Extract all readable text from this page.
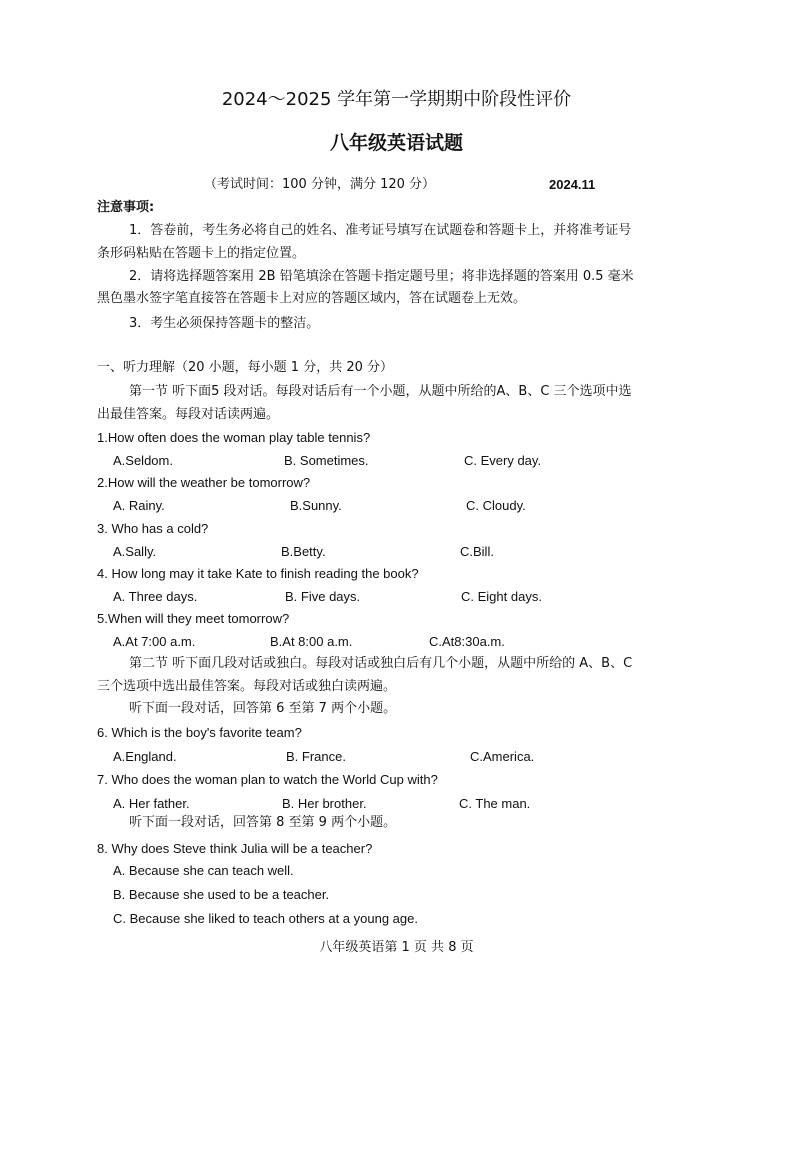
2024～2025 学年第一学期期中阶段性评价
八年级英语试题
（考试时间：100 分钟，满分 120 分）	2024.11
注意事项:
1．答卷前，考生务必将自己的姓名、准考证号填写在试题卷和答题卡上，并将准考证号
条形码粘贴在答题卡上的指定位置。
2．请将选择题答案用 2B 铅笔填涂在答题卡指定题号里；将非选择题的答案用 0.5 毫米
黑色墨水签字笔直接答在答题卡上对应的答题区域内，答在试题卷上无效。
3．考生必须保持答题卡的整洁。
一、听力理解（20 小题，每小题 1 分，共 20 分）
第一节 听下面5 段对话。每段对话后有一个小题，从题中所给的A、B、C 三个选项中选
出最佳答案。每段对话读两遍。
1.How often does the woman play table tennis?
A.Seldom.	B. Sometimes.	C. Every day.
2.How will the weather be tomorrow?
A. Rainy.	B.Sunny.	C. Cloudy.
3. Who has a cold?
A.Sally.	B.Betty.	C.Bill.
4. How long may it take Kate to finish reading the book?
A. Three days.	B. Five days.	C. Eight days.
5.When will they meet tomorrow?
A.At 7:00 a.m.	B.At 8:00 a.m.	C.At8:30a.m.
第二节 听下面几段对话或独白。每段对话或独白后有几个小题，从题中所给的 A、B、C
三个选项中选出最佳答案。每段对话或独白读两遍。
听下面一段对话，回答第 6 至第 7 两个小题。
6. Which is the boy's favorite team?
A.England.	B. France.	C.America.
7. Who does the woman plan to watch the World Cup with?
A. Her father.	B. Her brother.	C. The man.
听下面一段对话，回答第 8 至第 9 两个小题。
8. Why does Steve think Julia will be a teacher?
A. Because she can teach well.
B. Because she used to be a teacher.
C. Because she liked to teach others at a young age.
八年级英语第 1 页 共 8 页
